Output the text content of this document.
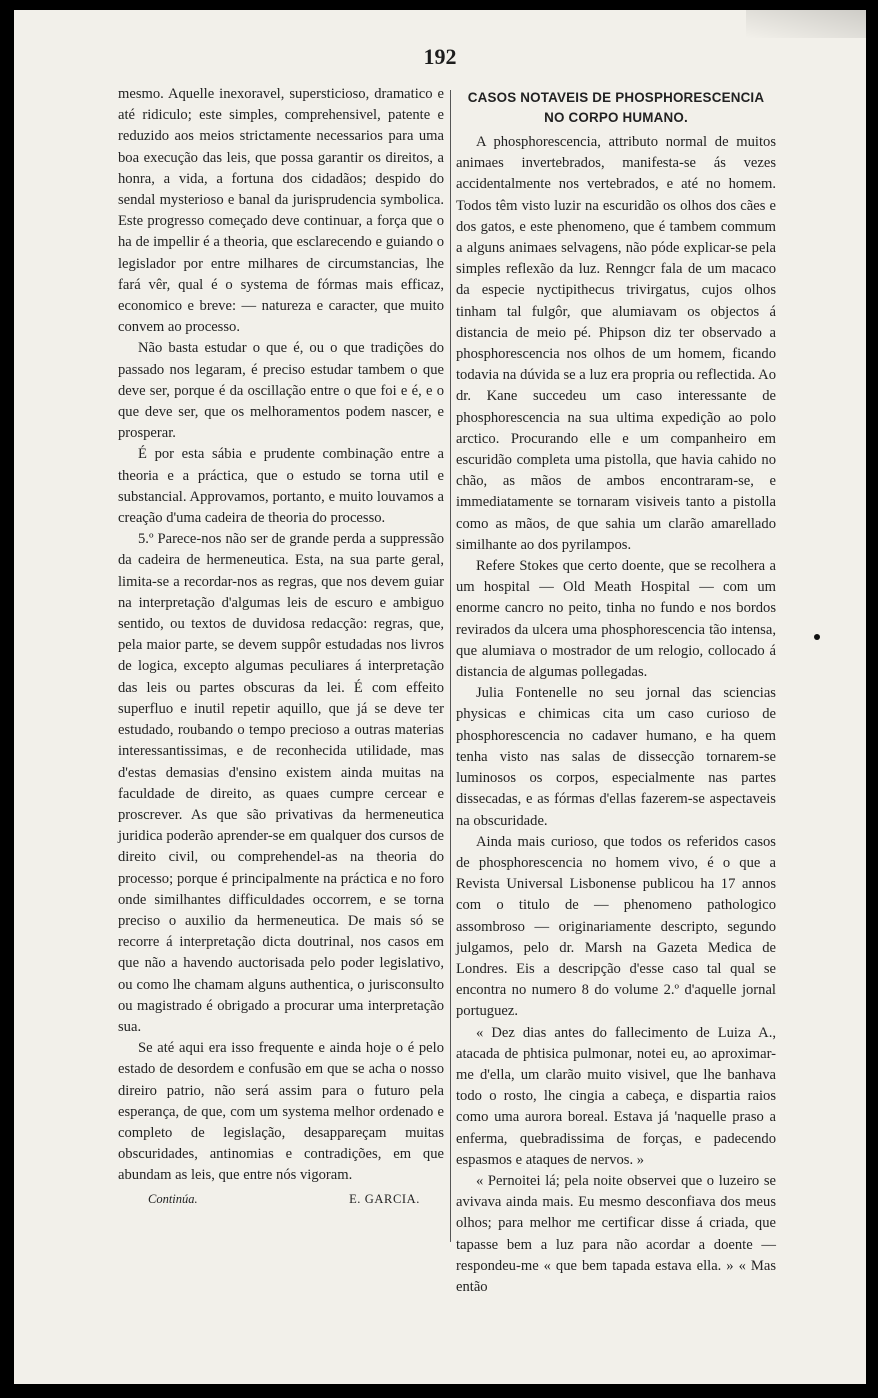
192

mesmo. Aquelle inexoravel, supersticioso, dramatico e até ridiculo; este simples, comprehensivel, patente e reduzido aos meios strictamente necessarios para uma boa execução das leis, que possa garantir os direitos, a honra, a vida, a fortuna dos cidadãos; despido do sendal mysterioso e banal da jurisprudencia symbolica. Este progresso começado deve continuar, a força que o ha de impellir é a theoria, que esclarecendo e guiando o legislador por entre milhares de circumstancias, lhe fará vêr, qual é o systema de fórmas mais efficaz, economico e breve: — natureza e caracter, que muito convem ao processo.

Não basta estudar o que é, ou o que tradições do passado nos legaram, é preciso estudar tambem o que deve ser, porque é da oscillação entre o que foi e é, e o que deve ser, que os melhoramentos podem nascer, e prosperar.

É por esta sábia e prudente combinação entre a theoria e a práctica, que o estudo se torna util e substancial. Approvamos, portanto, e muito louvamos a creação d'uma cadeira de theoria do processo.

5.º Parece-nos não ser de grande perda a suppressão da cadeira de hermeneutica. Esta, na sua parte geral, limita-se a recordar-nos as regras, que nos devem guiar na interpretação d'algumas leis de escuro e ambiguo sentido, ou textos de duvidosa redacção: regras, que, pela maior parte, se devem suppôr estudadas nos livros de logica, excepto algumas peculiares á interpretação das leis ou partes obscuras da lei. É com effeito superfluo e inutil repetir aquillo, que já se deve ter estudado, roubando o tempo precioso a outras materias interessantissimas, e de reconhecida utilidade, mas d'estas demasias d'ensino existem ainda muitas na faculdade de direito, as quaes cumpre cercear e proscrever. As que são privativas da hermeneutica juridica poderão aprender-se em qualquer dos cursos de direito civil, ou comprehendel-as na theoria do processo; porque é principalmente na práctica e no foro onde similhantes difficuldades occorrem, e se torna preciso o auxilio da hermeneutica. De mais só se recorre á interpretação dicta doutrinal, nos casos em que não a havendo auctorisada pelo poder legislativo, ou como lhe chamam alguns authentica, o jurisconsulto ou magistrado é obrigado a procurar uma interpretação sua.

Se até aqui era isso frequente e ainda hoje o é pelo estado de desordem e confusão em que se acha o nosso direiro patrio, não será assim para o futuro pela esperança, de que, com um systema melhor ordenado e completo de legislação, desappareçam muitas obscuridades, antinomias e contradições, em que abundam as leis, que entre nós vigoram.

Continúa.	E. GARCIA.
CASOS NOTAVEIS DE PHOSPHORESCENCIA
NO CORPO HUMANO.

A phosphorescencia, attributo normal de muitos animaes invertebrados, manifesta-se ás vezes accidentalmente nos vertebrados, e até no homem. Todos têm visto luzir na escuridão os olhos dos cães e dos gatos, e este phenomeno, que é tambem commum a alguns animaes selvagens, não póde explicar-se pela simples reflexão da luz. Renngcr fala de um macaco da especie nyctipithecus trivirgatus, cujos olhos tinham tal fulgôr, que alumiavam os objectos á distancia de meio pé. Phipson diz ter observado a phosphorescencia nos olhos de um homem, ficando todavia na dúvida se a luz era propria ou reflectida. Ao dr. Kane succedeu um caso interessante de phosphorescencia na sua ultima expedição ao polo arctico. Procurando elle e um companheiro em escuridão completa uma pistolla, que havia cahido no chão, as mãos de ambos encontraram-se, e immediatamente se tornaram visiveis tanto a pistolla como as mãos, de que sahia um clarão amarellado similhante ao dos pyrilampos.

Refere Stokes que certo doente, que se recolhera a um hospital — Old Meath Hospital — com um enorme cancro no peito, tinha no fundo e nos bordos revirados da ulcera uma phosphorescencia tão intensa, que alumiava o mostrador de um relogio, collocado á distancia de algumas pollegadas.

Julia Fontenelle no seu jornal das sciencias physicas e chimicas cita um caso curioso de phosphorescencia no cadaver humano, e ha quem tenha visto nas salas de dissecção tornarem-se luminosos os corpos, especialmente nas partes dissecadas, e as fórmas d'ellas fazerem-se aspectaveis na obscuridade.

Ainda mais curioso, que todos os referidos casos de phosphorescencia no homem vivo, é o que a Revista Universal Lisbonense publicou ha 17 annos com o titulo de — phenomeno pathologico assombroso — originariamente descripto, segundo julgamos, pelo dr. Marsh na Gazeta Medica de Londres. Eis a descripção d'esse caso tal qual se encontra no numero 8 do volume 2.º d'aquelle jornal portuguez.

« Dez dias antes do fallecimento de Luiza A., atacada de phtisica pulmonar, notei eu, ao aproximar-me d'ella, um clarão muito visivel, que lhe banhava todo o rosto, lhe cingia a cabeça, e dispartia raios como uma aurora boreal. Estava já 'naquelle praso a enferma, quebradissima de forças, e padecendo espasmos e ataques de nervos. »

« Pernoitei lá; pela noite observei que o luzeiro se avivava ainda mais. Eu mesmo desconfiava dos meus olhos; para melhor me certificar disse á criada, que tapasse bem a luz para não acordar a doente — respondeu-me « que bem tapada estava ella. » « Mas então
